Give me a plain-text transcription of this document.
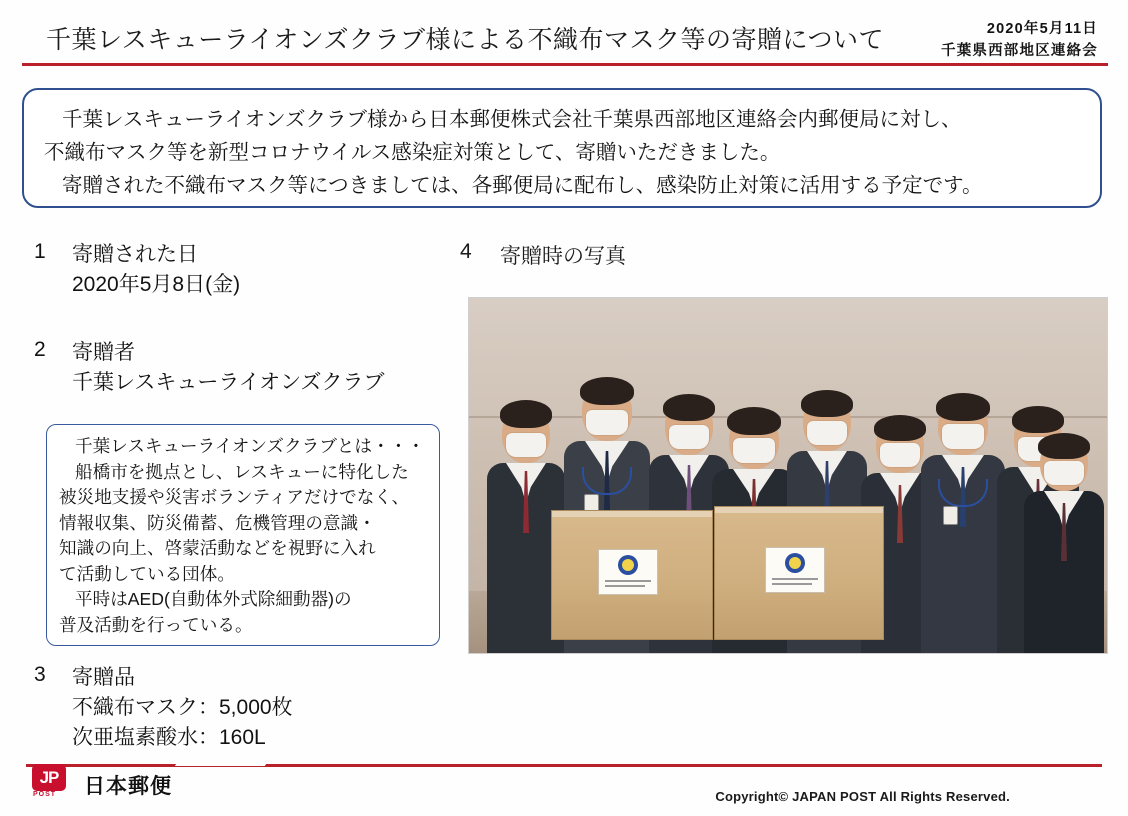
千葉レスキューライオンズクラブ様による不織布マスク等の寄贈について	2020年5月11日
千葉県西部地区連絡会

千葉レスキューライオンズクラブ様から日本郵便株式会社千葉県西部地区連絡会内郵便局に対し、

不織布マスク等を新型コロナウイルス感染症対策として、寄贈いただきました。

寄贈された不織布マスク等につきましては、各郵便局に配布し、感染防止対策に活用する予定です。

1 寄贈された日
2020年5月8日(金)
2 寄贈者
千葉レスキューライオンズクラブ

千葉レスキューライオンズクラブとは・・・

船橋市を拠点とし、レスキューに特化した

被災地支援や災害ボランティアだけでなく、

情報収集、防災備蓄、危機管理の意識・

知識の向上、啓蒙活動などを視野に入れ

て活動している団体。

平時はAED(自動体外式除細動器)の

普及活動を行っている。

3 寄贈品
不織布マスク：5,000枚
次亜塩素酸水：160L
4 寄贈時の写真
JP
POST 日本郵便	Copyright© JAPAN POST All Rights Reserved.
